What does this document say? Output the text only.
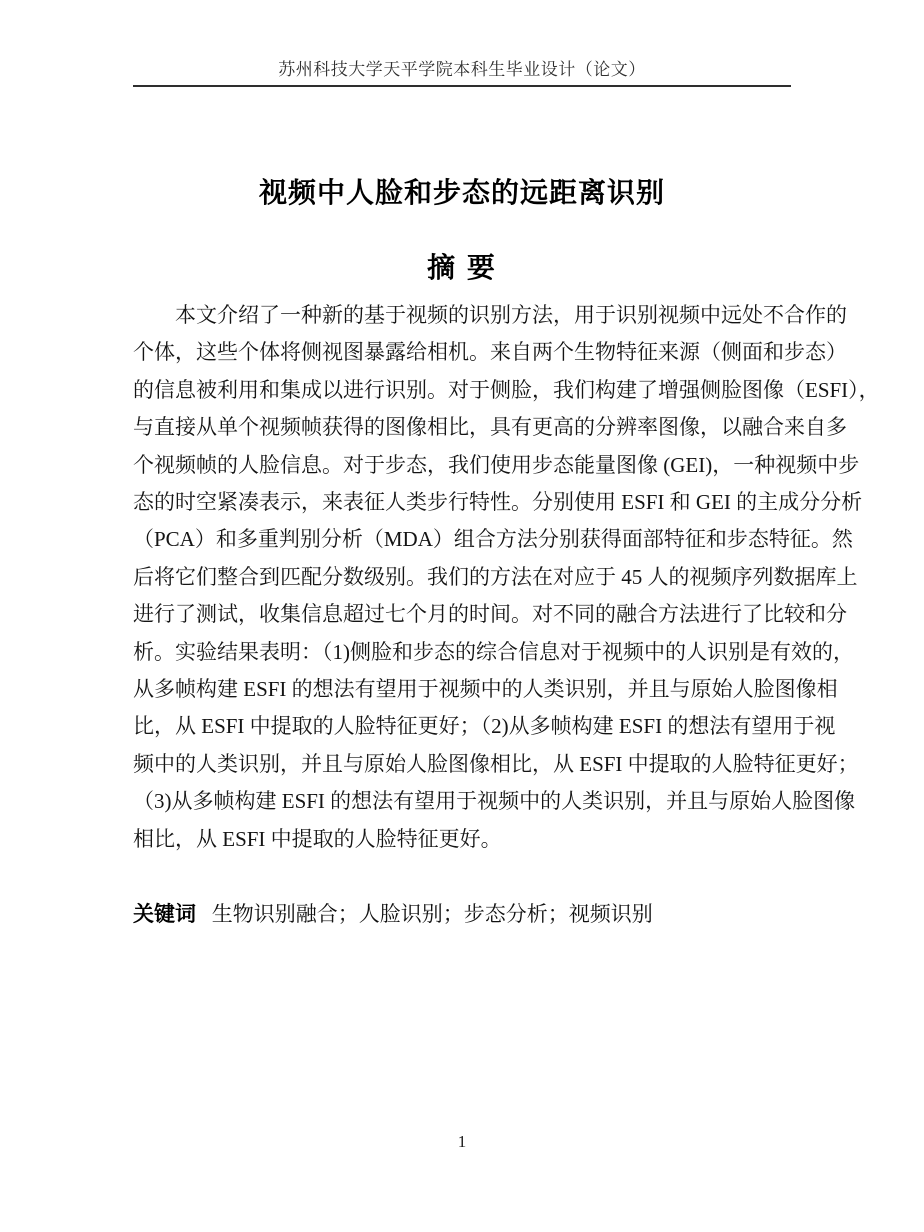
苏州科技大学天平学院本科生毕业设计（论文）
视频中人脸和步态的远距离识别
摘 要
本文介绍了一种新的基于视频的识别方法，用于识别视频中远处不合作的
个体，这些个体将侧视图暴露给相机。来自两个生物特征来源（侧面和步态）
的信息被利用和集成以进行识别。对于侧脸，我们构建了增强侧脸图像（ESFI），
与直接从单个视频帧获得的图像相比，具有更高的分辨率图像，以融合来自多
个视频帧的人脸信息。对于步态，我们使用步态能量图像 (GEI)，一种视频中步
态的时空紧凑表示，来表征人类步行特性。分别使用 ESFI 和 GEI 的主成分分析
（PCA）和多重判别分析（MDA）组合方法分别获得面部特征和步态特征。然
后将它们整合到匹配分数级别。我们的方法在对应于 45 人的视频序列数据库上
进行了测试，收集信息超过七个月的时间。对不同的融合方法进行了比较和分
析。实验结果表明：（1)侧脸和步态的综合信息对于视频中的人识别是有效的，
从多帧构建 ESFI 的想法有望用于视频中的人类识别，并且与原始人脸图像相
比，从 ESFI 中提取的人脸特征更好；（2)从多帧构建 ESFI 的想法有望用于视
频中的人类识别，并且与原始人脸图像相比，从 ESFI 中提取的人脸特征更好；
（3)从多帧构建 ESFI 的想法有望用于视频中的人类识别，并且与原始人脸图像
相比，从 ESFI 中提取的人脸特征更好。
关键词 生物识别融合；人脸识别；步态分析；视频识别
1
